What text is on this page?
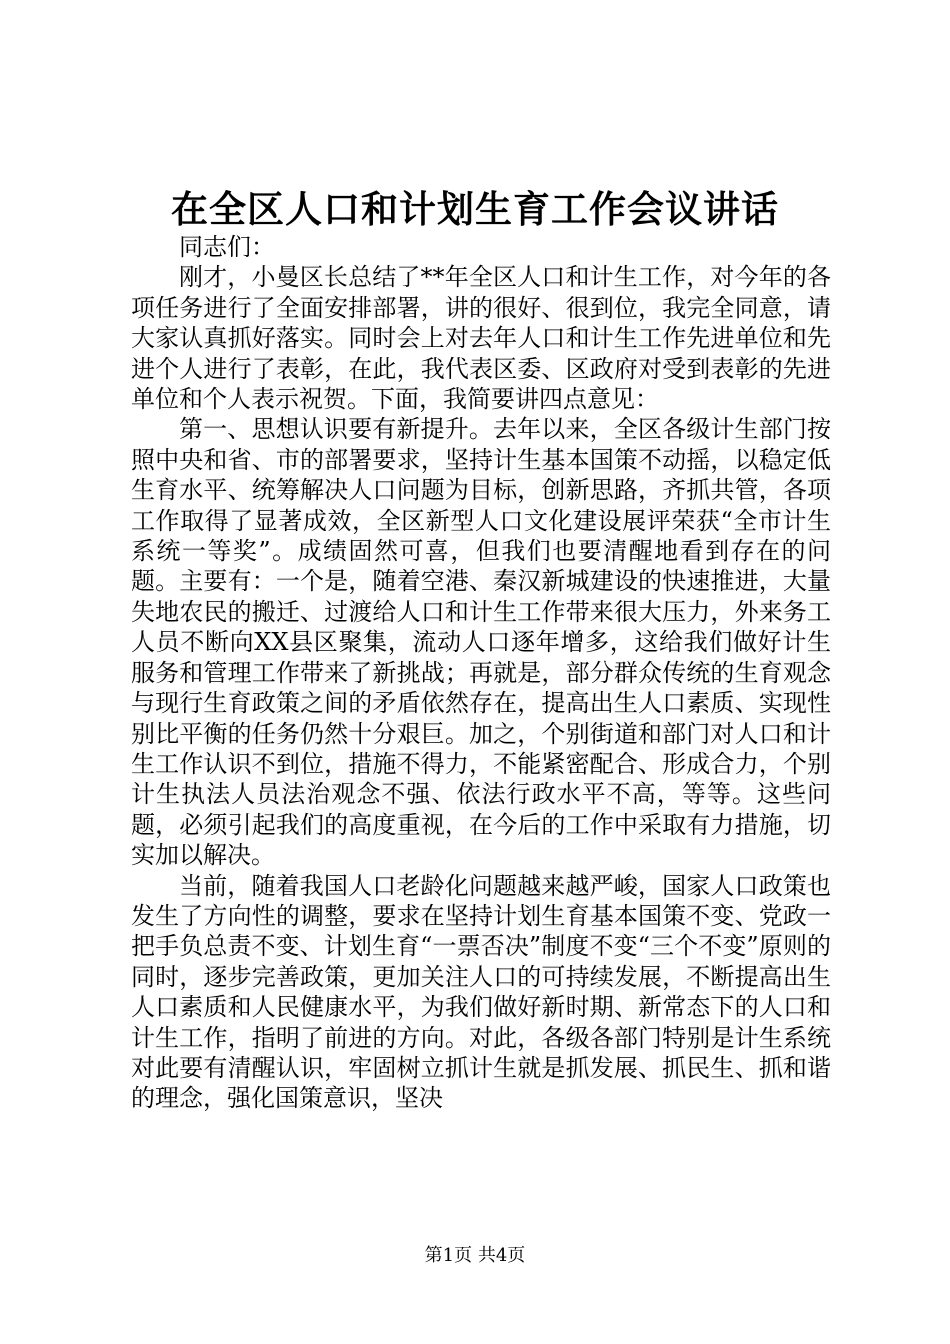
在全区人口和计划生育工作会议讲话

同志们：

刚才，小曼区长总结了**年全区人口和计生工作，对今年的各项任务进行了全面安排部署，讲的很好、很到位，我完全同意，请大家认真抓好落实。同时会上对去年人口和计生工作先进单位和先进个人进行了表彰，在此，我代表区委、区政府对受到表彰的先进单位和个人表示祝贺。下面，我简要讲四点意见：

第一、思想认识要有新提升。去年以来，全区各级计生部门按照中央和省、市的部署要求，坚持计生基本国策不动摇，以稳定低生育水平、统筹解决人口问题为目标，创新思路，齐抓共管，各项工作取得了显著成效，全区新型人口文化建设展评荣获“全市计生系统一等奖”。成绩固然可喜，但我们也要清醒地看到存在的问题。主要有：一个是，随着空港、秦汉新城建设的快速推进，大量失地农民的搬迁、过渡给人口和计生工作带来很大压力，外来务工人员不断向XX县区聚集，流动人口逐年增多，这给我们做好计生服务和管理工作带来了新挑战；再就是，部分群众传统的生育观念与现行生育政策之间的矛盾依然存在，提高出生人口素质、实现性别比平衡的任务仍然十分艰巨。加之，个别街道和部门对人口和计生工作认识不到位，措施不得力，不能紧密配合、形成合力，个别计生执法人员法治观念不强、依法行政水平不高，等等。这些问题，必须引起我们的高度重视，在今后的工作中采取有力措施，切实加以解决。

当前，随着我国人口老龄化问题越来越严峻，国家人口政策也发生了方向性的调整，要求在坚持计划生育基本国策不变、党政一把手负总责不变、计划生育“一票否决”制度不变“三个不变”原则的同时，逐步完善政策，更加关注人口的可持续发展，不断提高出生人口素质和人民健康水平，为我们做好新时期、新常态下的人口和计生工作，指明了前进的方向。对此，各级各部门特别是计生系统对此要有清醒认识，牢固树立抓计生就是抓发展、抓民生、抓和谐的理念，强化国策意识，坚决

第1页 共4页
